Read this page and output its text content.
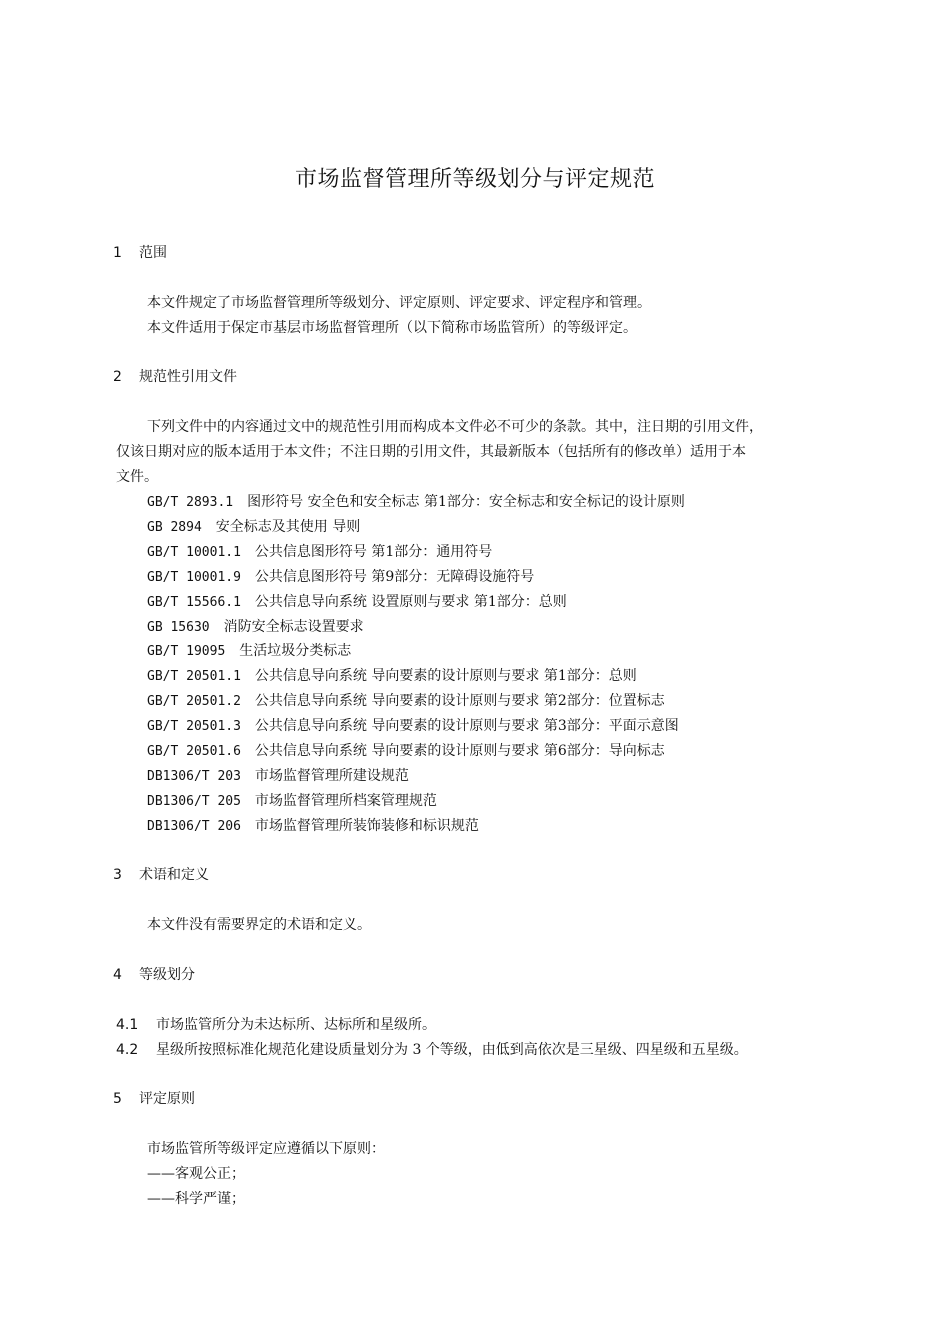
市场监督管理所等级划分与评定规范
1 范围
本文件规定了市场监督管理所等级划分、评定原则、评定要求、评定程序和管理。
本文件适用于保定市基层市场监督管理所（以下简称市场监管所）的等级评定。
2 规范性引用文件
下列文件中的内容通过文中的规范性引用而构成本文件必不可少的条款。其中，注日期的引用文件，
仅该日期对应的版本适用于本文件；不注日期的引用文件，其最新版本（包括所有的修改单）适用于本
文件。
GB/T 2893.1  图形符号 安全色和安全标志 第1部分：安全标志和安全标记的设计原则
GB 2894  安全标志及其使用 导则
GB/T 10001.1  公共信息图形符号 第1部分：通用符号
GB/T 10001.9  公共信息图形符号 第9部分：无障碍设施符号
GB/T 15566.1  公共信息导向系统 设置原则与要求 第1部分：总则
GB 15630  消防安全标志设置要求
GB/T 19095  生活垃圾分类标志
GB/T 20501.1  公共信息导向系统 导向要素的设计原则与要求 第1部分：总则
GB/T 20501.2  公共信息导向系统 导向要素的设计原则与要求 第2部分：位置标志
GB/T 20501.3  公共信息导向系统 导向要素的设计原则与要求 第3部分：平面示意图
GB/T 20501.6  公共信息导向系统 导向要素的设计原则与要求 第6部分：导向标志
DB1306/T 203  市场监督管理所建设规范
DB1306/T 205  市场监督管理所档案管理规范
DB1306/T 206  市场监督管理所装饰装修和标识规范
3 术语和定义
本文件没有需要界定的术语和定义。
4 等级划分
4.1 市场监管所分为未达标所、达标所和星级所。
4.2 星级所按照标准化规范化建设质量划分为 3 个等级，由低到高依次是三星级、四星级和五星级。
5 评定原则
市场监管所等级评定应遵循以下原则：
——客观公正；
——科学严谨；
